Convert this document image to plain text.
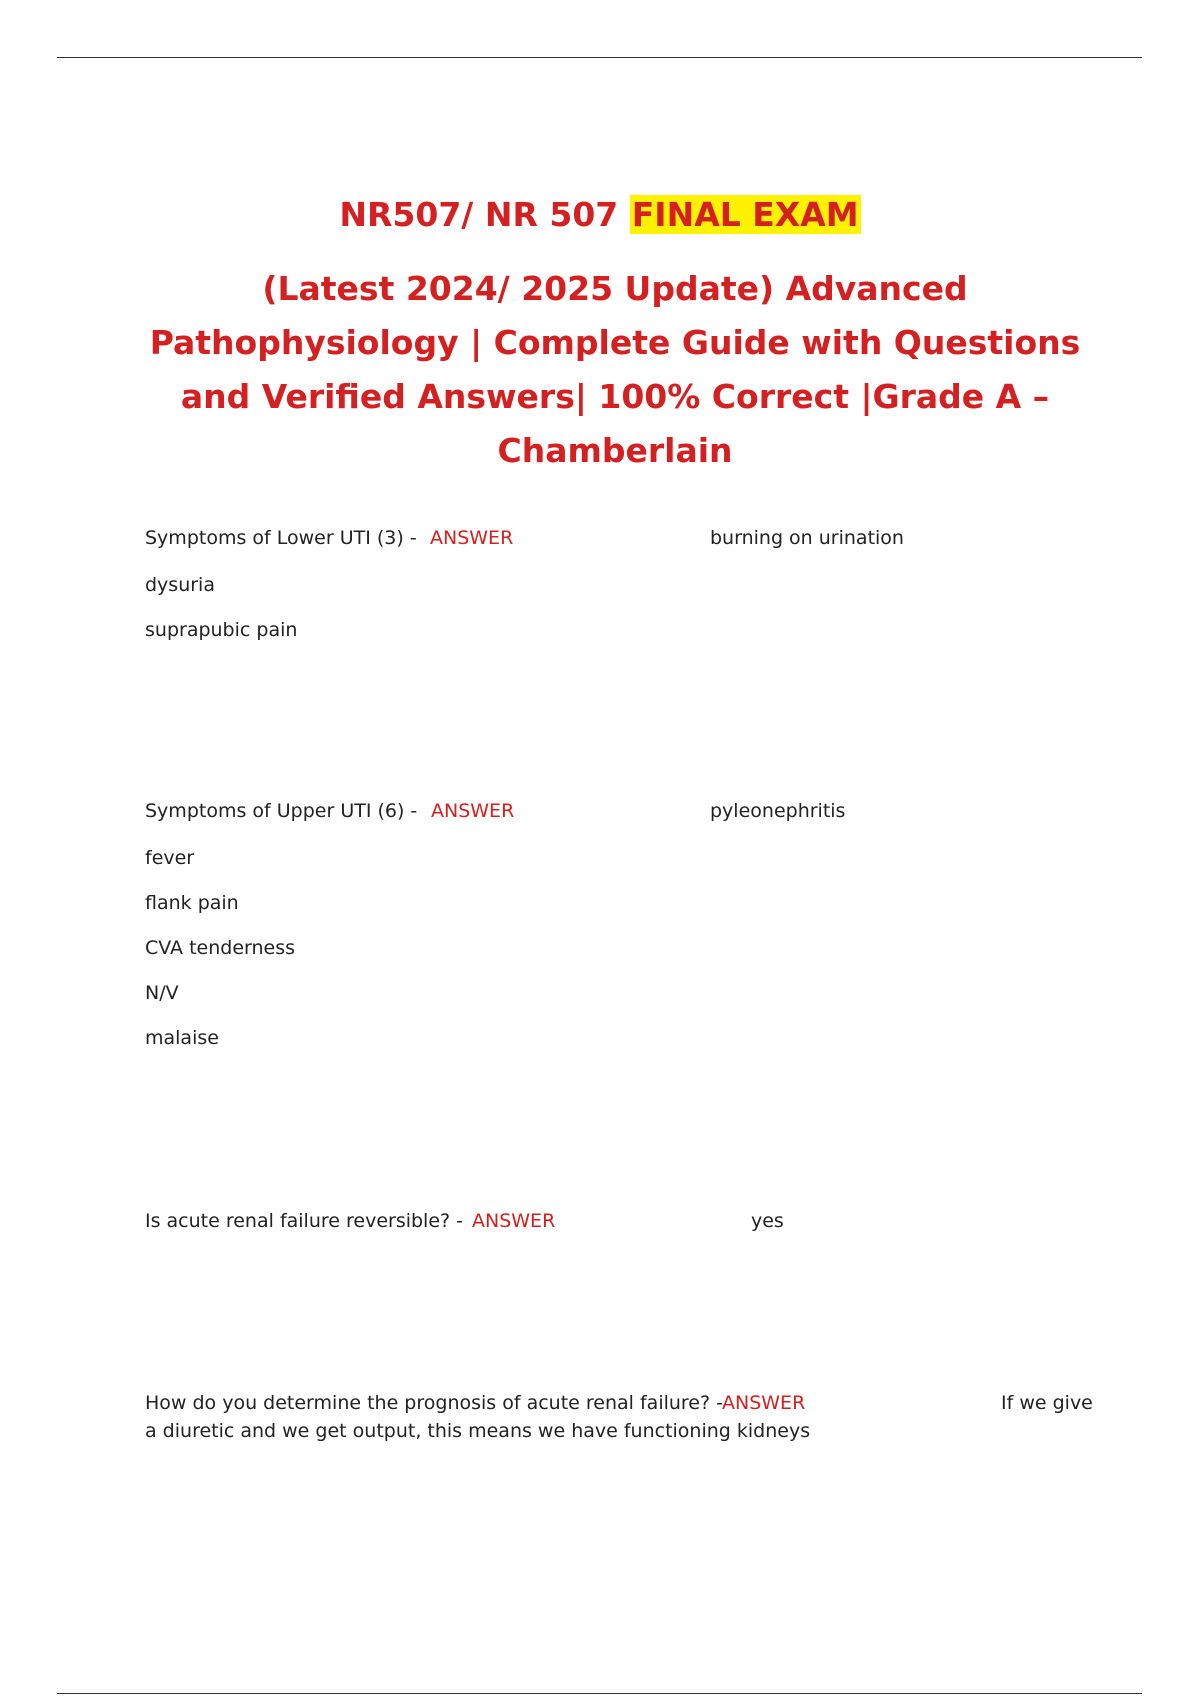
NR507/ NR 507 FINAL EXAM
(Latest 2024/ 2025 Update) Advanced Pathophysiology | Complete Guide with Questions and Verified Answers| 100% Correct |Grade A – Chamberlain
Symptoms of Lower UTI (3) - ANSWER	burning on urination
dysuria
suprapubic pain
Symptoms of Upper UTI (6) - ANSWER	pyleonephritis
fever
flank pain
CVA tenderness
N/V
malaise
Is acute renal failure reversible? - ANSWER	yes
How do you determine the prognosis of acute renal failure? - ANSWER	If we give
a diuretic and we get output, this means we have functioning kidneys
